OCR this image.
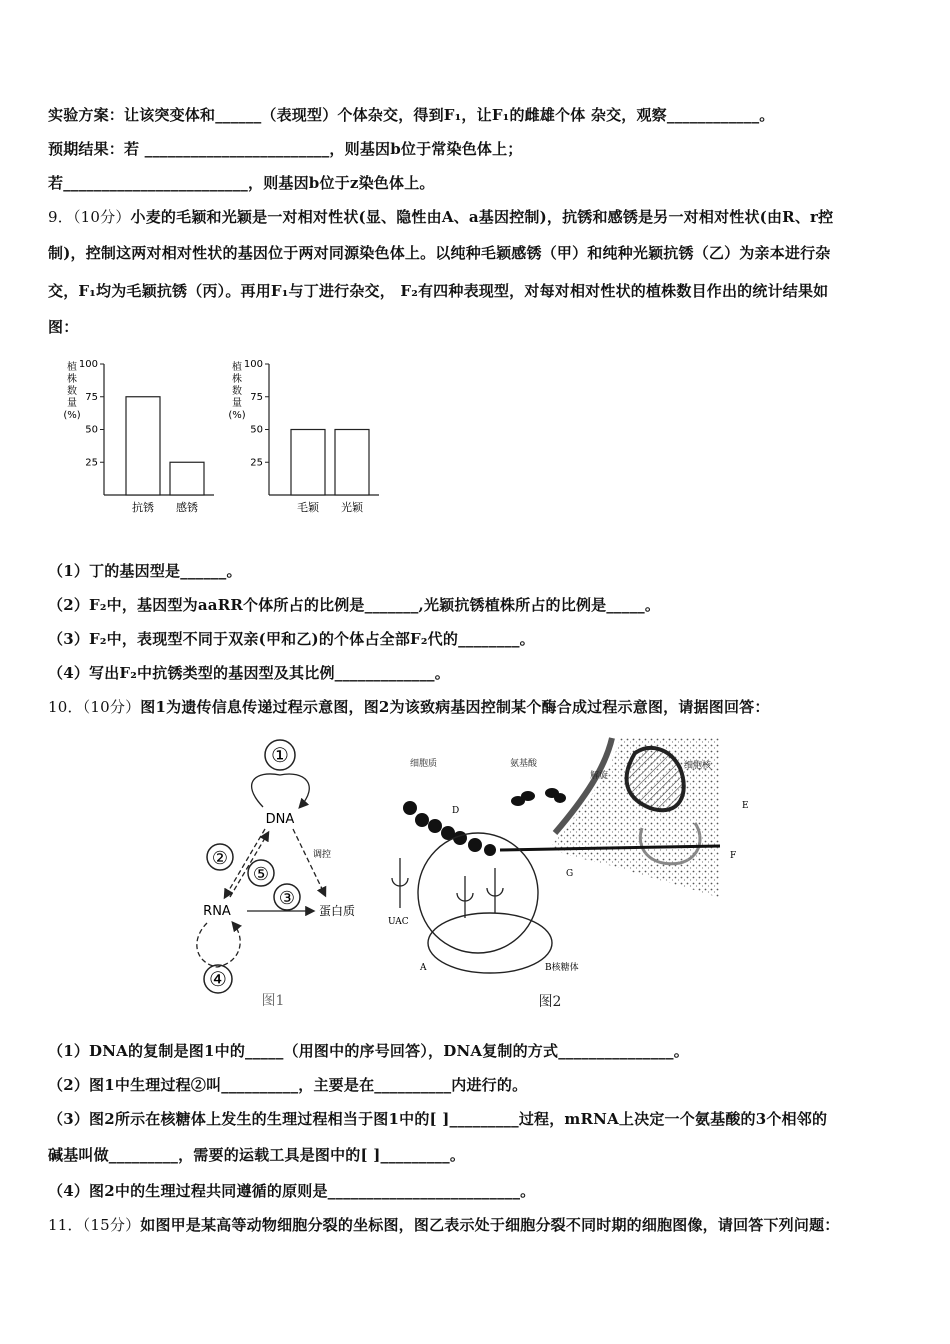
实验方案：让该突变体和______（表现型）个体杂交，得到F₁，让F₁的雌雄个体 杂交，观察____________。
预期结果：若 ________________________，则基因b位于常染色体上；
若________________________，则基因b位于z染色体上。
9．（10分）小麦的毛颖和光颖是一对相对性状(显、隐性由A、a基因控制)，抗锈和感锈是另一对相对性状(由R、r控
制)，控制这两对相对性状的基因位于两对同源染色体上。以纯种毛颖感锈（甲）和纯种光颖抗锈（乙）为亲本进行杂
交，F₁均为毛颖抗锈（丙）。再用F₁与丁进行杂交， F₂有四种表现型，对每对相对性状的植株数目作出的统计结果如
图：
植
株
数
量
(%)
100
75
50
25
抗锈 感锈
植
株
数
量
(%)
100
75
50
25
毛颖 光颖
（1）丁的基因型是______。
（2）F₂中，基因型为aaRR个体所占的比例是_______,光颖抗锈植株所占的比例是_____。
（3）F₂中，表现型不同于双亲(甲和乙)的个体占全部F₂代的________。
（4）写出F₂中抗锈类型的基因型及其比例_____________。
10．（10分）图1为遗传信息传递过程示意图，图2为该致病基因控制某个酶合成过程示意图，请据图回答：
①
DNA
调控
②
⑤
③
RNA	蛋白质
④
图1
细胞核
解旋
细胞质	氨基酸
D	E
F
G
UAC
A	B核糖体
图2
（1）DNA的复制是图1中的_____（用图中的序号回答），DNA复制的方式_______________。
（2）图1中生理过程②叫__________，主要是在__________内进行的。
（3）图2所示在核糖体上发生的生理过程相当于图1中的[ ]_________过程，mRNA上决定一个氨基酸的3个相邻的
碱基叫做_________，需要的运载工具是图中的[ ]_________。
（4）图2中的生理过程共同遵循的原则是_________________________。
11．（15分）如图甲是某高等动物细胞分裂的坐标图，图乙表示处于细胞分裂不同时期的细胞图像，请回答下列问题：
